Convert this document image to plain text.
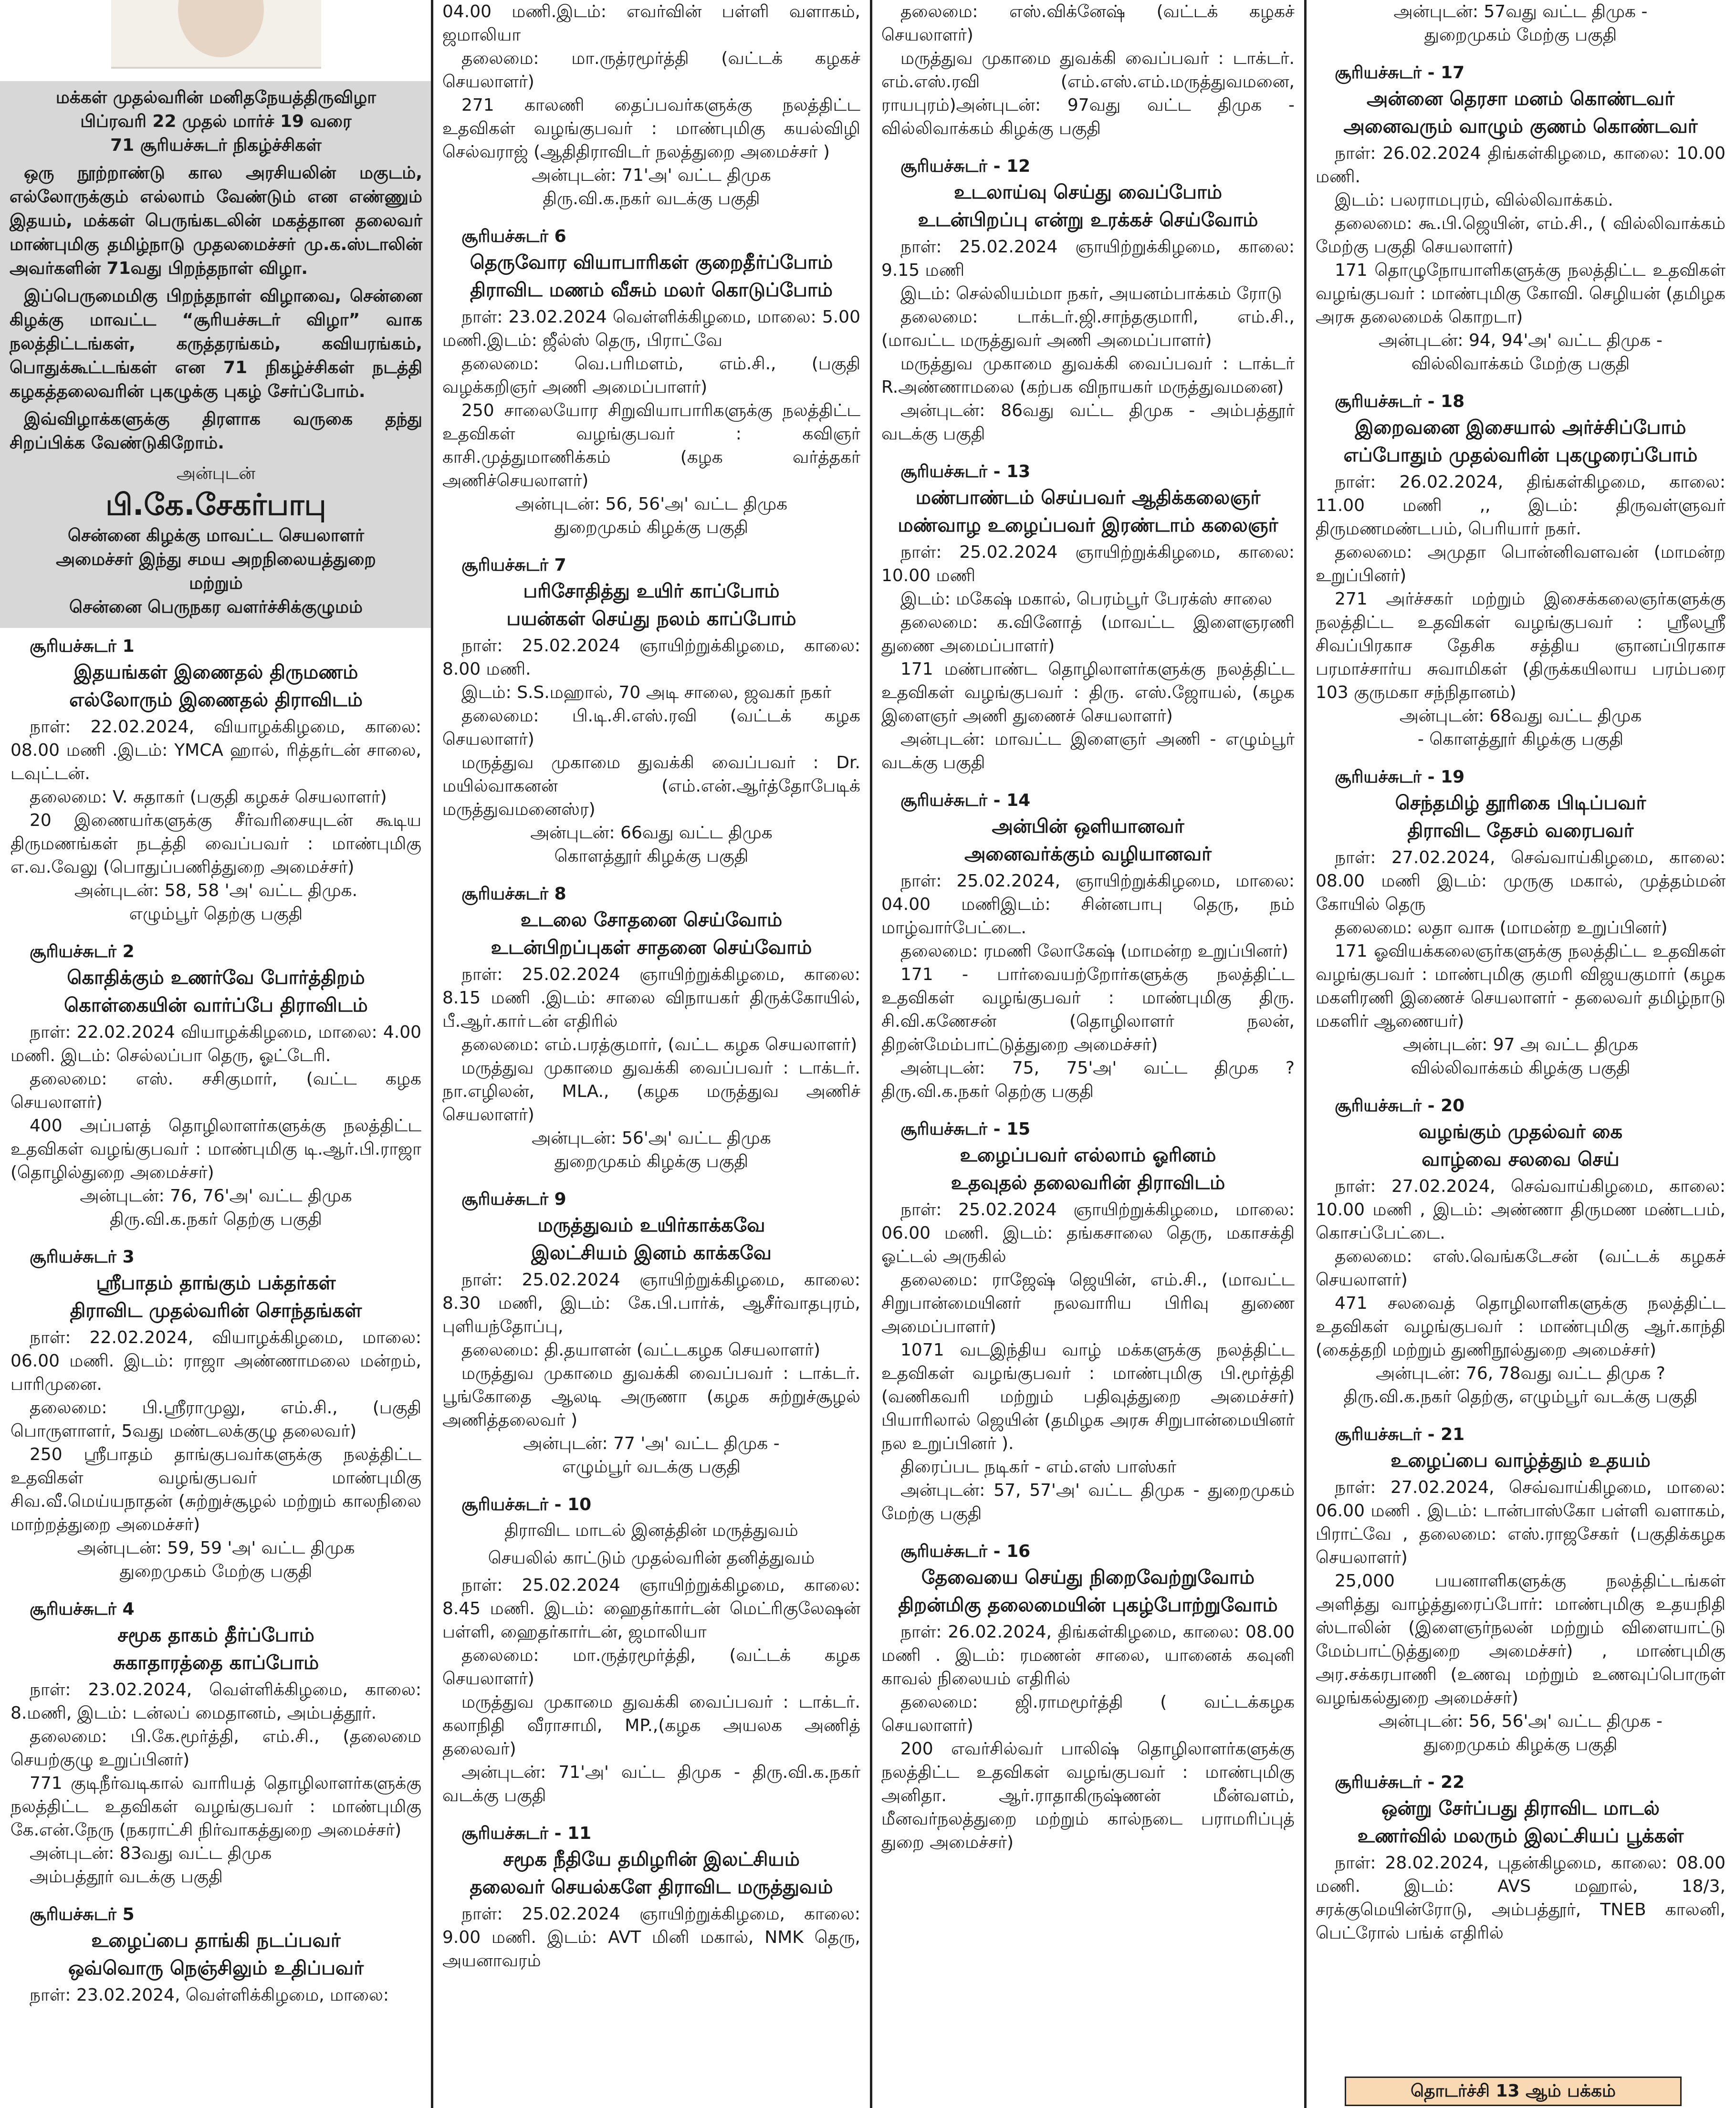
மக்கள் முதல்வரின் மனிதநேயத்திருவிழா

பிப்ரவரி 22 முதல் மார்ச் 19 வரை

71 சூரியச்சுடர் நிகழ்ச்சிகள்

ஒரு நூற்றாண்டு கால அரசியலின் மகுடம், எல்லோருக்கும் எல்லாம் வேண்டும் என எண்ணும் இதயம், மக்கள் பெருங்கடலின் மகத்தான தலைவர் மாண்புமிகு தமிழ்நாடு முதலமைச்சர் மு.க.ஸ்டாலின் அவர்களின் 71வது பிறந்தநாள் விழா.

இப்பெருமைமிகு பிறந்தநாள் விழாவை, சென்னை கிழக்கு மாவட்ட “சூரியச்சுடர் விழா” வாக நலத்திட்டங்கள், கருத்தரங்கம், கவியரங்கம், பொதுக்கூட்டங்கள் என 71 நிகழ்ச்சிகள் நடத்தி கழகத்தலைவரின் புகழுக்கு புகழ் சேர்ப்போம்.

இவ்விழாக்களுக்கு திரளாக வருகை தந்து சிறப்பிக்க வேண்டுகிறோம்.

அன்புடன்

பி.கே.சேகர்பாபு

சென்னை கிழக்கு மாவட்ட செயலாளர்

அமைச்சர் இந்து சமய அறநிலையத்துறை

மற்றும்

சென்னை பெருநகர வளர்ச்சிக்குழுமம்

சூரியச்சுடர் 1

இதயங்கள் இணைதல் திருமணம்

எல்லோரும் இணைதல் திராவிடம்

நாள்: 22.02.2024, வியாழக்கிழமை, காலை: 08.00 மணி .இடம்: YMCA ஹால், ரித்தர்டன் சாலை, டவுட்டன்.

தலைமை: V. சுதாகர் (பகுதி கழகச் செயலாளர்)

20 இணையர்களுக்கு சீர்வரிசையுடன் கூடிய திருமணங்கள் நடத்தி வைப்பவர் : மாண்புமிகு எ.வ.வேலு (பொதுப்பணித்துறை அமைச்சர்)

அன்புடன்: 58, 58 'அ' வட்ட திமுக.

எழும்பூர் தெற்கு பகுதி

சூரியச்சுடர் 2

கொதிக்கும் உணர்வே போர்த்திறம்

கொள்கையின் வார்ப்பே திராவிடம்

நாள்: 22.02.2024 வியாழக்கிழமை, மாலை: 4.00 மணி. இடம்: செல்லப்பா தெரு, ஓட்டேரி.

தலைமை: எஸ். சசிகுமார், (வட்ட கழக செயலாளர்)

400 அப்பளத் தொழிலாளர்களுக்கு நலத்திட்ட உதவிகள் வழங்குபவர் : மாண்புமிகு டி.ஆர்.பி.ராஜா (தொழில்துறை அமைச்சர்)

அன்புடன்: 76, 76'அ' வட்ட திமுக

திரு.வி.க.நகர் தெற்கு பகுதி

சூரியச்சுடர் 3

ஸ்ரீபாதம் தாங்கும் பக்தர்கள்

திராவிட முதல்வரின் சொந்தங்கள்

நாள்: 22.02.2024, வியாழக்கிழமை, மாலை: 06.00 மணி. இடம்: ராஜா அண்ணாமலை மன்றம், பாரிமுனை.

தலைமை: பி.ஸ்ரீராமுலு, எம்.சி., (பகுதி பொருளாளர், 5வது மண்டலக்குழு தலைவர்)

250 ஸ்ரீபாதம் தாங்குபவர்களுக்கு நலத்திட்ட உதவிகள் வழங்குபவர் மாண்புமிகு சிவ.வீ.மெய்யநாதன் (சுற்றுச்சூழல் மற்றும் காலநிலை மாற்றத்துறை அமைச்சர்)

அன்புடன்: 59, 59 'அ' வட்ட திமுக

துறைமுகம் மேற்கு பகுதி

சூரியச்சுடர் 4

சமூக தாகம் தீர்ப்போம்

சுகாதாரத்தை காப்போம்

நாள்: 23.02.2024, வெள்ளிக்கிழமை, காலை: 8.மணி, இடம்: டன்லப் மைதானம், அம்பத்தூர்.

தலைமை: பி.கே.மூர்த்தி, எம்.சி., (தலைமை செயற்குழு உறுப்பினர்)

771 குடிநீர்வடிகால் வாரியத் தொழிலாளர்களுக்கு நலத்திட்ட உதவிகள் வழங்குபவர் : மாண்புமிகு கே.என்.நேரு (நகராட்சி நிர்வாகத்துறை அமைச்சர்)

அன்புடன்: 83வது வட்ட திமுக

அம்பத்தூர் வடக்கு பகுதி

சூரியச்சுடர் 5

உழைப்பை தாங்கி நடப்பவர்

ஒவ்வொரு நெஞ்சிலும் உதிப்பவர்

நாள்: 23.02.2024, வெள்ளிக்கிழமை, மாலை:

04.00 மணி.இடம்: எவர்வின் பள்ளி வளாகம், ஜமாலியா

தலைமை: மா.ருத்ரமூர்த்தி (வட்டக் கழகச் செயலாளர்)

271 காலணி தைப்பவர்களுக்கு நலத்திட்ட உதவிகள் வழங்குபவர் : மாண்புமிகு கயல்விழி செல்வராஜ் (ஆதிதிராவிடர் நலத்துறை அமைச்சர் )

அன்புடன்: 71'அ' வட்ட திமுக

திரு.வி.க.நகர் வடக்கு பகுதி

சூரியச்சுடர் 6

தெருவோர வியாபாரிகள் குறைதீர்ப்போம்

திராவிட மணம் வீசும் மலர் கொடுப்போம்

நாள்: 23.02.2024 வெள்ளிக்கிழமை, மாலை: 5.00 மணி.இடம்: ஜீல்ஸ் தெரு, பிராட்வே

தலைமை: வெ.பரிமளம், எம்.சி., (பகுதி வழக்கறிஞர் அணி அமைப்பாளர்)

250 சாலையோர சிறுவியாபாரிகளுக்கு நலத்திட்ட உதவிகள் வழங்குபவர் : கவிஞர் காசி.முத்துமாணிக்கம் (கழக வர்த்தகர் அணிச்செயலாளர்)

அன்புடன்: 56, 56'அ' வட்ட திமுக

துறைமுகம் கிழக்கு பகுதி

சூரியச்சுடர் 7

பரிசோதித்து உயிர் காப்போம்

பயன்கள் செய்து நலம் காப்போம்

நாள்: 25.02.2024 ஞாயிற்றுக்கிழமை, காலை: 8.00 மணி.

இடம்: S.S.மஹால், 70 அடி சாலை, ஜவகர் நகர்

தலைமை: பி.டி.சி.எஸ்.ரவி (வட்டக் கழக செயலாளர்)

மருத்துவ முகாமை துவக்கி வைப்பவர் : Dr. மயில்வாகனன் (எம்.என்.ஆர்த்தோபேடிக் மருத்துவமனைஸ்ர)

அன்புடன்: 66வது வட்ட திமுக

கொளத்தூர் கிழக்கு பகுதி

சூரியச்சுடர் 8

உடலை சோதனை செய்வோம்

உடன்பிறப்புகள் சாதனை செய்வோம்

நாள்: 25.02.2024 ஞாயிற்றுக்கிழமை, காலை: 8.15 மணி .இடம்: சாலை விநாயகர் திருக்கோயில், பீ.ஆர்.காா்டன் எதிரில்

தலைமை: எம்.பரத்குமார், (வட்ட கழக செயலாளர்)

மருத்துவ முகாமை துவக்கி வைப்பவர் : டாக்டர். நா.எழிலன், MLA., (கழக மருத்துவ அணிச் செயலாளர்)

அன்புடன்: 56'அ' வட்ட திமுக

துறைமுகம் கிழக்கு பகுதி

சூரியச்சுடர் 9

மருத்துவம் உயிர்காக்கவே

இலட்சியம் இனம் காக்கவே

நாள்: 25.02.2024 ஞாயிற்றுக்கிழமை, காலை: 8.30 மணி, இடம்: கே.பி.பார்க், ஆசீர்வாதபுரம், புளியந்தோப்பு,

தலைமை: தி.தயாளன் (வட்டகழக செயலாளர்)

மருத்துவ முகாமை துவக்கி வைப்பவர் : டாக்டர். பூங்கோதை ஆலடி அருணா (கழக சுற்றுச்சூழல் அணித்தலைவர் )

அன்புடன்: 77 'அ' வட்ட திமுக -

எழும்பூர் வடக்கு பகுதி

சூரியச்சுடர் - 10

திராவிட மாடல் இனத்தின் மருத்துவம்

செயலில் காட்டும் முதல்வரின் தனித்துவம்

நாள்: 25.02.2024 ஞாயிற்றுக்கிழமை, காலை: 8.45 மணி. இடம்: ஹைதர்கார்டன் மெட்ரிகுலேஷன் பள்ளி, ஹைதர்கார்டன், ஜமாலியா

தலைமை: மா.ருத்ரமூர்த்தி, (வட்டக் கழக செயலாளர்)

மருத்துவ முகாமை துவக்கி வைப்பவர் : டாக்டர். கலாநிதி வீராசாமி, MP.,(கழக அயலக அணித் தலைவர்)

அன்புடன்: 71'அ' வட்ட திமுக - திரு.வி.க.நகர் வடக்கு பகுதி

சூரியச்சுடர் - 11

சமூக நீதியே தமிழரின் இலட்சியம்

தலைவர் செயல்களே திராவிட மருத்துவம்

நாள்: 25.02.2024 ஞாயிற்றுக்கிழமை, காலை: 9.00 மணி. இடம்: AVT மினி மகால், NMK தெரு, அயனாவரம்

தலைமை: எஸ்.விக்னேஷ் (வட்டக் கழகச் செயலாளர்)

மருத்துவ முகாமை துவக்கி வைப்பவர் : டாக்டர். எம்.எஸ்.ரவி (எம்.எஸ்.எம்.மருத்துவமனை, ராயபுரம்)அன்புடன்: 97வது வட்ட திமுக - வில்லிவாக்கம் கிழக்கு பகுதி

சூரியச்சுடர் - 12

உடலாய்வு செய்து வைப்போம்

உடன்பிறப்பு என்று உரக்கச் செய்வோம்

நாள்: 25.02.2024 ஞாயிற்றுக்கிழமை, காலை: 9.15 மணி

இடம்: செல்லியம்மா நகர், அயனம்பாக்கம் ரோடு

தலைமை: டாக்டர்.ஜி.சாந்தகுமாரி, எம்.சி., (மாவட்ட மருத்துவர் அணி அமைப்பாளர்)

மருத்துவ முகாமை துவக்கி வைப்பவர் : டாக்டர் R.அண்ணாமலை (கற்பக விநாயகர் மருத்துவமனை)

அன்புடன்: 86வது வட்ட திமுக - அம்பத்தூர் வடக்கு பகுதி

சூரியச்சுடர் - 13

மண்பாண்டம் செய்பவர் ஆதிக்கலைஞர்

மண்வாழ உழைப்பவர் இரண்டாம் கலைஞர்

நாள்: 25.02.2024 ஞாயிற்றுக்கிழமை, காலை: 10.00 மணி

இடம்: மகேஷ் மகால், பெரம்பூர் பேரக்ஸ் சாலை

தலைமை: க.வினோத் (மாவட்ட இளைஞரணி துணை அமைப்பாளர்)

171 மண்பாண்ட தொழிலாளர்களுக்கு நலத்திட்ட உதவிகள் வழங்குபவர் : திரு. எஸ்.ஜோயல், (கழக இளைஞர் அணி துணைச் செயலாளர்)

அன்புடன்: மாவட்ட இளைஞர் அணி - எழும்பூர் வடக்கு பகுதி

சூரியச்சுடர் - 14

அன்பின் ஒளியானவர்

அனைவர்க்கும் வழியானவர்

நாள்: 25.02.2024, ஞாயிற்றுக்கிழமை, மாலை: 04.00 மணிஇடம்: சின்னபாபு தெரு, நம் மாழ்வார்பேட்டை.

தலைமை: ரமணி லோகேஷ் (மாமன்ற உறுப்பினர்)

171 - பார்வையற்றோர்களுக்கு நலத்திட்ட உதவிகள் வழங்குபவர் : மாண்புமிகு திரு. சி.வி.கணேசன் (தொழிலாளர் நலன், திறன்மேம்பாட்டுத்துறை அமைச்சர்)

அன்புடன்: 75, 75'அ' வட்ட திமுக ? திரு.வி.க.நகர் தெற்கு பகுதி

சூரியச்சுடர் - 15

உழைப்பவர் எல்லாம் ஓரினம்

உதவுதல் தலைவரின் திராவிடம்

நாள்: 25.02.2024 ஞாயிற்றுக்கிழமை, மாலை: 06.00 மணி. இடம்: தங்கசாலை தெரு, மகாசக்தி ஓட்டல் அருகில்

தலைமை: ராஜேஷ் ஜெயின், எம்.சி., (மாவட்ட சிறுபான்மையினர் நலவாரிய பிரிவு துணை அமைப்பாளர்)

1071 வடஇந்திய வாழ் மக்களுக்கு நலத்திட்ட உதவிகள் வழங்குபவர் : மாண்புமிகு பி.மூர்த்தி (வணிகவரி மற்றும் பதிவுத்துறை அமைச்சர்) பியாரிலால் ஜெயின் (தமிழக அரசு சிறுபான்மையினர் நல உறுப்பினர் ).

திரைப்பட நடிகர் - எம்.எஸ் பாஸ்கர்

அன்புடன்: 57, 57'அ' வட்ட திமுக - துறைமுகம் மேற்கு பகுதி

சூரியச்சுடர் - 16

தேவையை செய்து நிறைவேற்றுவோம்

திறன்மிகு தலைமையின் புகழ்போற்றுவோம்

நாள்: 26.02.2024, திங்கள்கிழமை, காலை: 08.00 மணி . இடம்: ரமணன் சாலை, யானைக் கவுனி காவல் நிலையம் எதிரில்

தலைமை: ஜி.ராமமூர்த்தி ( வட்டக்கழக செயலாளர்)

200 எவர்சில்வர் பாலிஷ் தொழிலாளர்களுக்கு நலத்திட்ட உதவிகள் வழங்குபவர் : மாண்புமிகு அனிதா. ஆர்.ராதாகிருஷ்ணன் மீன்வளம், மீனவர்நலத்துறை மற்றும் கால்நடை பராமரிப்புத் துறை அமைச்சர்)

அன்புடன்: 57வது வட்ட திமுக -

துறைமுகம் மேற்கு பகுதி

சூரியச்சுடர் - 17

அன்னை தெரசா மனம் கொண்டவர்

அனைவரும் வாழும் குணம் கொண்டவர்

நாள்: 26.02.2024 திங்கள்கிழமை, காலை: 10.00 மணி.

இடம்: பலராமபுரம், வில்லிவாக்கம்.

தலைமை: கூ.பி.ஜெயின், எம்.சி., ( வில்லிவாக்கம் மேற்கு பகுதி செயலாளர்)

171 தொழுநோயாளிகளுக்கு நலத்திட்ட உதவிகள் வழங்குபவர் : மாண்புமிகு கோவி. செழியன் (தமிழக அரசு தலைமைக் கொறடா)

அன்புடன்: 94, 94'அ' வட்ட திமுக -

வில்லிவாக்கம் மேற்கு பகுதி

சூரியச்சுடர் - 18

இறைவனை இசையால் அர்ச்சிப்போம்

எப்போதும் முதல்வரின் புகழுரைப்போம்

நாள்: 26.02.2024, திங்கள்கிழமை, காலை: 11.00 மணி ,, இடம்: திருவள்ளுவர் திருமணமண்டபம், பெரியார் நகர்.

தலைமை: அமுதா பொன்னிவளவன் (மாமன்ற உறுப்பினர்)

271 அர்ச்சகர் மற்றும் இசைக்கலைஞர்களுக்கு நலத்திட்ட உதவிகள் வழங்குபவர் : ஸ்ரீலஸ்ரீ சிவப்பிரகாச தேசிக சத்திய ஞானப்பிரகாச பரமாச்சார்ய சுவாமிகள் (திருக்கயிலாய பரம்பரை 103 குருமகா சந்நிதானம்)

அன்புடன்: 68வது வட்ட திமுக

- கொளத்தூர் கிழக்கு பகுதி

சூரியச்சுடர் - 19

செந்தமிழ் தூரிகை பிடிப்பவர்

திராவிட தேசம் வரைபவர்

நாள்: 27.02.2024, செவ்வாய்கிழமை, காலை: 08.00 மணி இடம்: முருகு மகால், முத்தம்மன் கோயில் தெரு

தலைமை: லதா வாசு (மாமன்ற உறுப்பினர்)

171 ஓவியக்கலைஞர்களுக்கு நலத்திட்ட உதவிகள் வழங்குபவர் : மாண்புமிகு குமரி விஜயகுமார் (கழக மகளிரணி இணைச் செயலாளர் - தலைவர் தமிழ்நாடு மகளிர் ஆணையர்)

அன்புடன்: 97 அ வட்ட திமுக

வில்லிவாக்கம் கிழக்கு பகுதி

சூரியச்சுடர் - 20

வழங்கும் முதல்வர் கை

வாழ்வை சலவை செய்

நாள்: 27.02.2024, செவ்வாய்கிழமை, காலை: 10.00 மணி , இடம்: அண்ணா திருமண மண்டபம், கொசப்பேட்டை.

தலைமை: எஸ்.வெங்கடேசன் (வட்டக் கழகச் செயலாளர்)

471 சலவைத் தொழிலாளிகளுக்கு நலத்திட்ட உதவிகள் வழங்குபவர் : மாண்புமிகு ஆர்.காந்தி (கைத்தறி மற்றும் துணிநூல்துறை அமைச்சர்)

அன்புடன்: 76, 78வது வட்ட திமுக ?

திரு.வி.க.நகர் தெற்கு, எழும்பூர் வடக்கு பகுதி

சூரியச்சுடர் - 21

உழைப்பை வாழ்த்தும் உதயம்

நாள்: 27.02.2024, செவ்வாய்கிழமை, மாலை: 06.00 மணி . இடம்: டான்பாஸ்கோ பள்ளி வளாகம், பிராட்வே , தலைமை: எஸ்.ராஜசேகர் (பகுதிக்கழக செயலாளர்)

25,000 பயனாளிகளுக்கு நலத்திட்டங்கள் அளித்து வாழ்த்துரைப்போர்: மாண்புமிகு உதயநிதி ஸ்டாலின் (இளைஞர்நலன் மற்றும் விளையாட்டு மேம்பாட்டுத்துறை அமைச்சர்) , மாண்புமிகு அர.சக்கரபாணி (உணவு மற்றும் உணவுப்பொருள் வழங்கல்துறை அமைச்சர்)

அன்புடன்: 56, 56'அ' வட்ட திமுக -

துறைமுகம் கிழக்கு பகுதி

சூரியச்சுடர் - 22

ஒன்று சேர்ப்பது திராவிட மாடல்

உணர்வில் மலரும் இலட்சியப் பூக்கள்

நாள்: 28.02.2024, புதன்கிழமை, காலை: 08.00 மணி. இடம்: AVS மஹால், 18/3, சரக்குமெயின்ரோடு, அம்பத்தூர், TNEB காலனி, பெட்ரோல் பங்க் எதிரில்

தொடர்ச்சி 13 ஆம் பக்கம்
